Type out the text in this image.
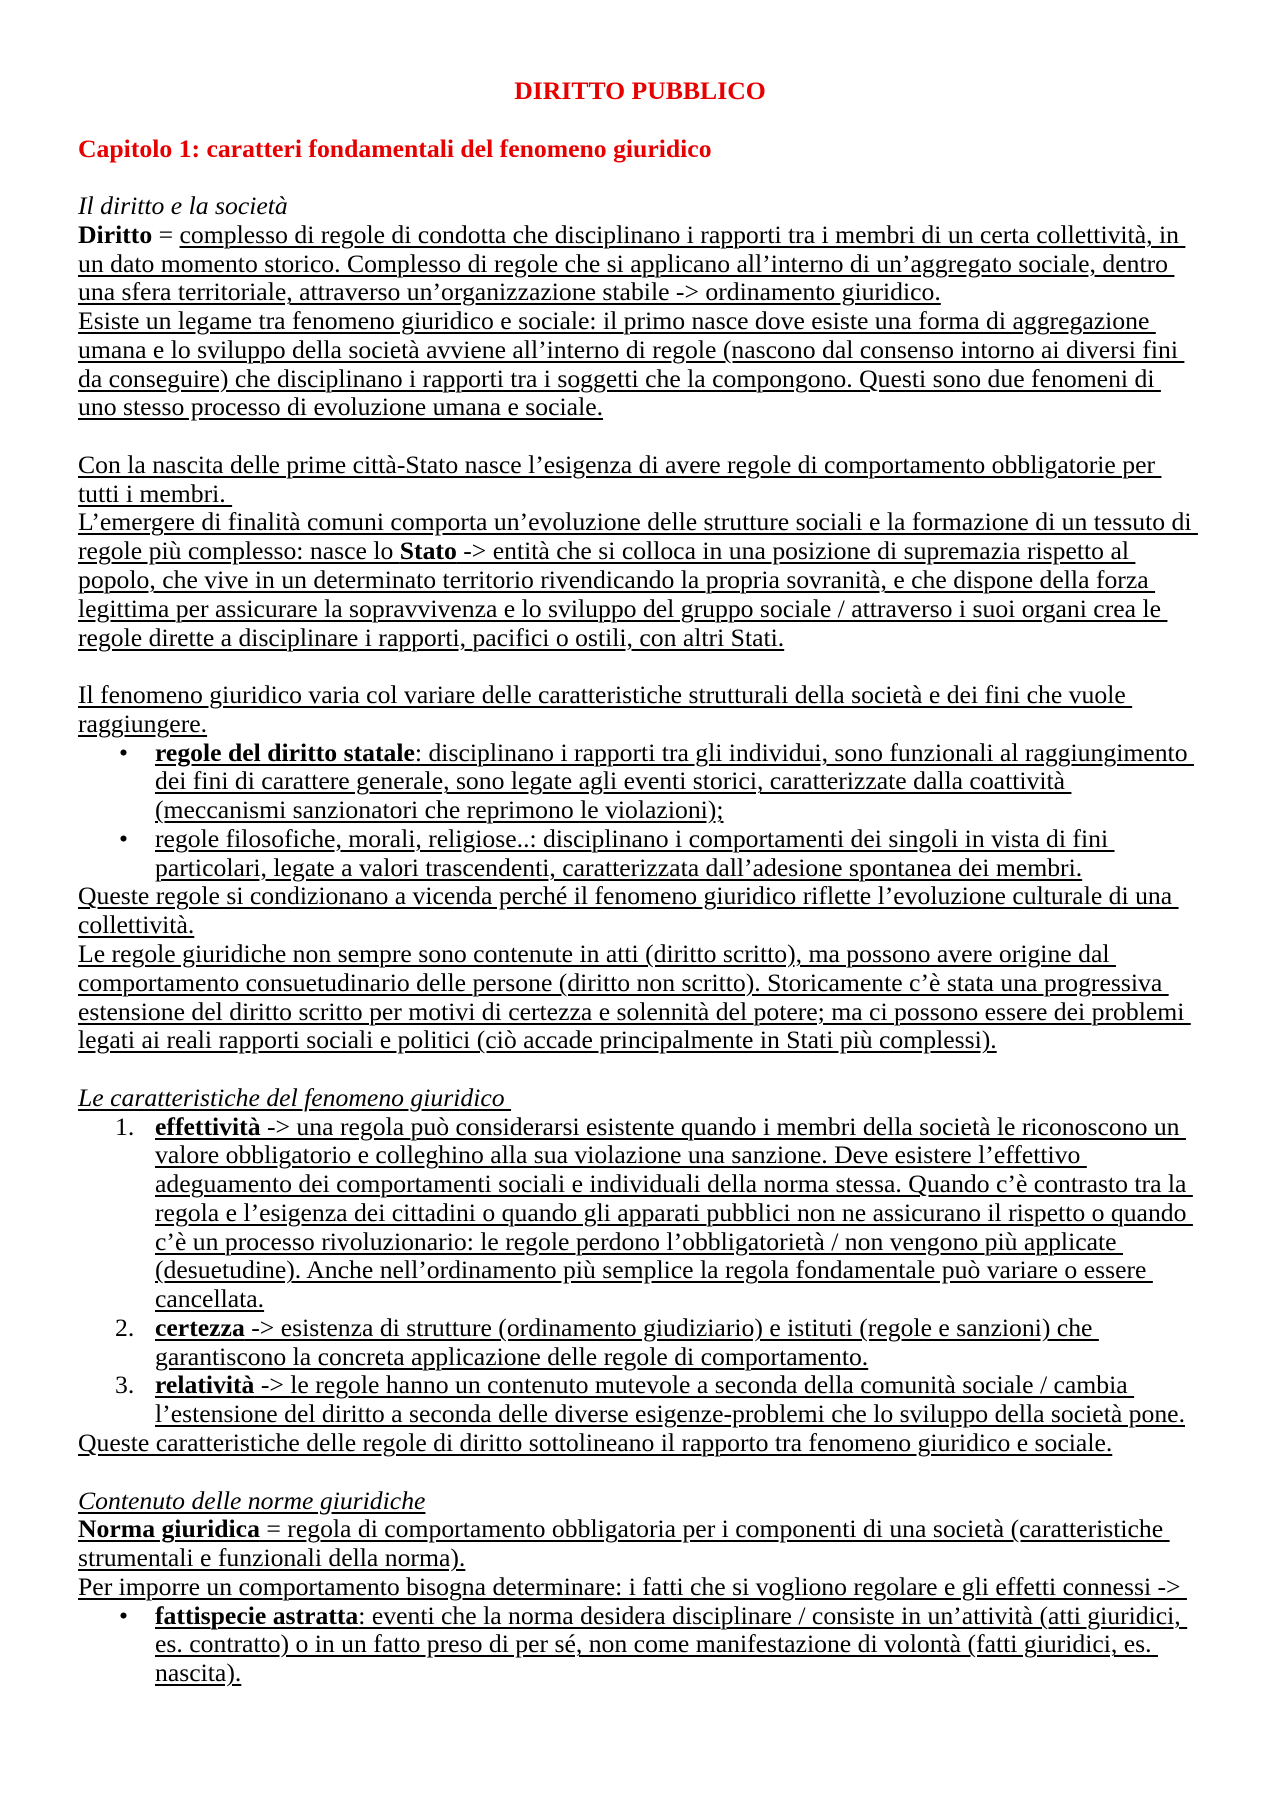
DIRITTO PUBBLICO
Capitolo 1: caratteri fondamentali del fenomeno giuridico
Il diritto e la società
Diritto = complesso di regole di condotta che disciplinano i rapporti tra i membri di un certa collettività, in
un dato momento storico. Complesso di regole che si applicano all’interno di un’aggregato sociale, dentro
una sfera territoriale, attraverso un’organizzazione stabile -> ordinamento giuridico.
Esiste un legame tra fenomeno giuridico e sociale: il primo nasce dove esiste una forma di aggregazione
umana e lo sviluppo della società avviene all’interno di regole (nascono dal consenso intorno ai diversi fini
da conseguire) che disciplinano i rapporti tra i soggetti che la compongono. Questi sono due fenomeni di
uno stesso processo di evoluzione umana e sociale.
Con la nascita delle prime città-Stato nasce l’esigenza di avere regole di comportamento obbligatorie per
tutti i membri.
L’emergere di finalità comuni comporta un’evoluzione delle strutture sociali e la formazione di un tessuto di
regole più complesso: nasce lo Stato -> entità che si colloca in una posizione di supremazia rispetto al
popolo, che vive in un determinato territorio rivendicando la propria sovranità, e che dispone della forza
legittima per assicurare la sopravvivenza e lo sviluppo del gruppo sociale / attraverso i suoi organi crea le
regole dirette a disciplinare i rapporti, pacifici o ostili, con altri Stati.
Il fenomeno giuridico varia col variare delle caratteristiche strutturali della società e dei fini che vuole
raggiungere.
• regole del diritto statale: disciplinano i rapporti tra gli individui, sono funzionali al raggiungimento
dei fini di carattere generale, sono legate agli eventi storici, caratterizzate dalla coattività
(meccanismi sanzionatori che reprimono le violazioni);
• regole filosofiche, morali, religiose..: disciplinano i comportamenti dei singoli in vista di fini
particolari, legate a valori trascendenti, caratterizzata dall’adesione spontanea dei membri.
Queste regole si condizionano a vicenda perché il fenomeno giuridico riflette l’evoluzione culturale di una
collettività.
Le regole giuridiche non sempre sono contenute in atti (diritto scritto), ma possono avere origine dal
comportamento consuetudinario delle persone (diritto non scritto). Storicamente c’è stata una progressiva
estensione del diritto scritto per motivi di certezza e solennità del potere; ma ci possono essere dei problemi
legati ai reali rapporti sociali e politici (ciò accade principalmente in Stati più complessi).
Le caratteristiche del fenomeno giuridico
1. effettività -> una regola può considerarsi esistente quando i membri della società le riconoscono un
valore obbligatorio e colleghino alla sua violazione una sanzione. Deve esistere l’effettivo
adeguamento dei comportamenti sociali e individuali della norma stessa. Quando c’è contrasto tra la
regola e l’esigenza dei cittadini o quando gli apparati pubblici non ne assicurano il rispetto o quando
c’è un processo rivoluzionario: le regole perdono l’obbligatorietà / non vengono più applicate
(desuetudine). Anche nell’ordinamento più semplice la regola fondamentale può variare o essere
cancellata.
2. certezza -> esistenza di strutture (ordinamento giudiziario) e istituti (regole e sanzioni) che
garantiscono la concreta applicazione delle regole di comportamento.
3. relatività -> le regole hanno un contenuto mutevole a seconda della comunità sociale / cambia
l’estensione del diritto a seconda delle diverse esigenze-problemi che lo sviluppo della società pone.
Queste caratteristiche delle regole di diritto sottolineano il rapporto tra fenomeno giuridico e sociale.
Contenuto delle norme giuridiche
Norma giuridica = regola di comportamento obbligatoria per i componenti di una società (caratteristiche
strumentali e funzionali della norma).
Per imporre un comportamento bisogna determinare: i fatti che si vogliono regolare e gli effetti connessi ->
• fattispecie astratta: eventi che la norma desidera disciplinare / consiste in un’attività (atti giuridici,
es. contratto) o in un fatto preso di per sé, non come manifestazione di volontà (fatti giuridici, es.
nascita).
